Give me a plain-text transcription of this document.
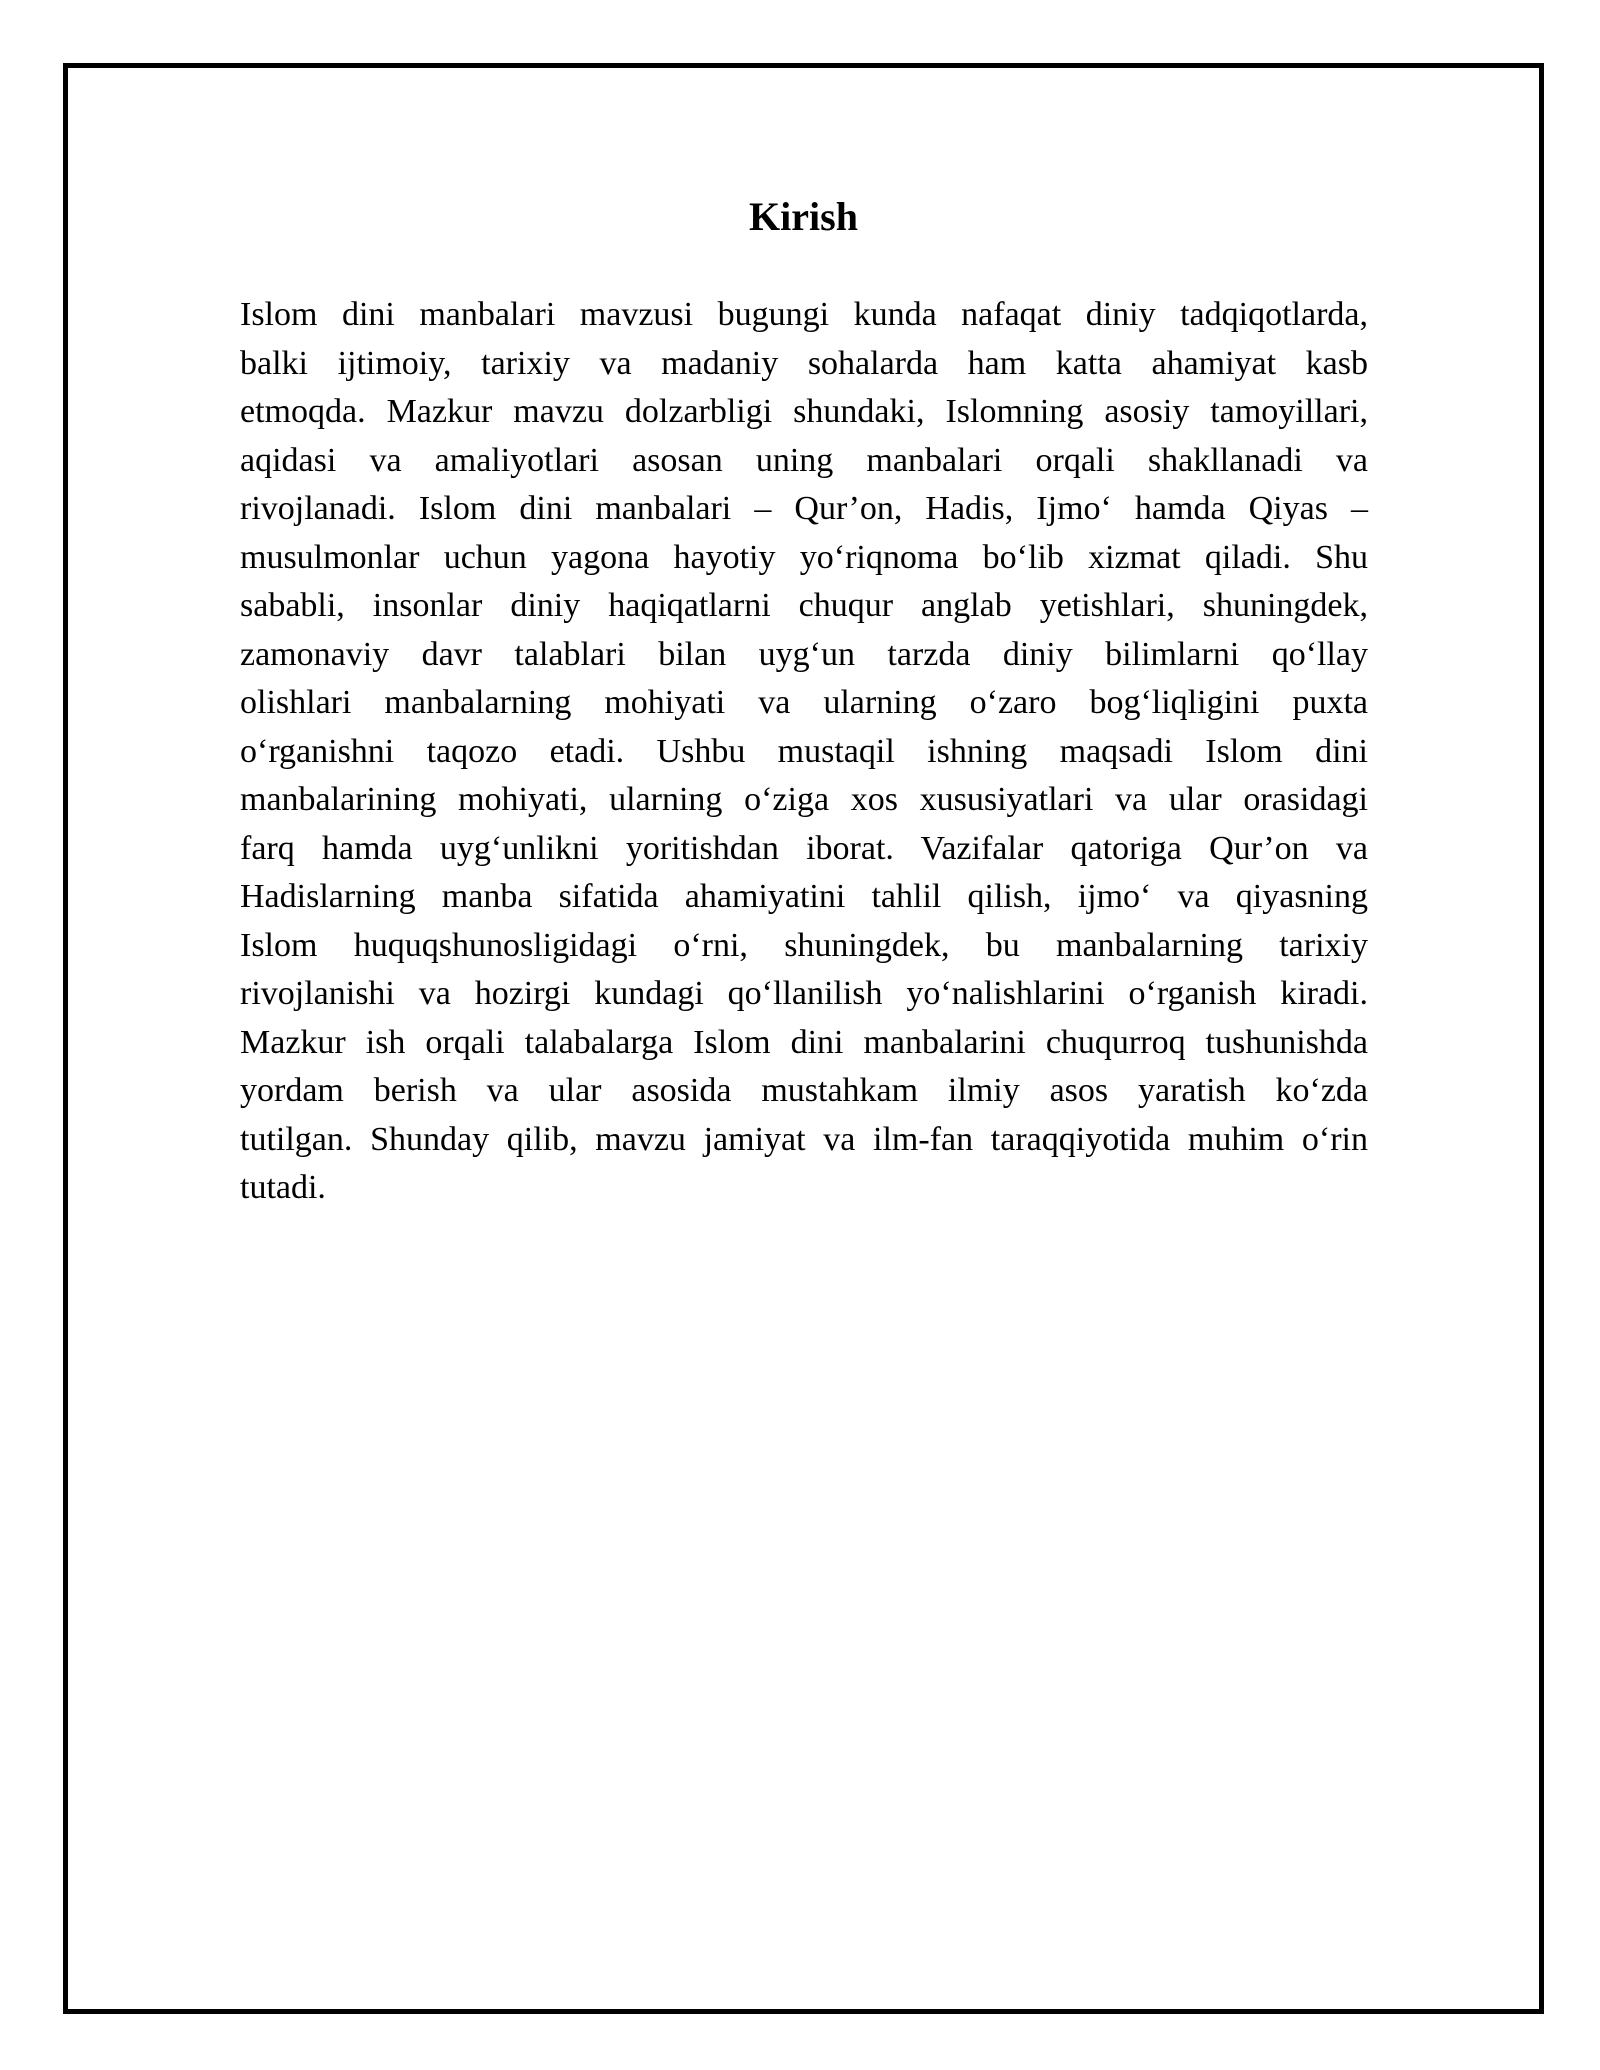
Kirish
Islom dini manbalari mavzusi bugungi kunda nafaqat diniy tadqiqotlarda,
balki ijtimoiy, tarixiy va madaniy sohalarda ham katta ahamiyat kasb
etmoqda. Mazkur mavzu dolzarbligi shundaki, Islomning asosiy tamoyillari,
aqidasi va amaliyotlari asosan uning manbalari orqali shakllanadi va
rivojlanadi. Islom dini manbalari – Qur’on, Hadis, Ijmo‘ hamda Qiyas –
musulmonlar uchun yagona hayotiy yo‘riqnoma bo‘lib xizmat qiladi. Shu
sababli, insonlar diniy haqiqatlarni chuqur anglab yetishlari, shuningdek,
zamonaviy davr talablari bilan uyg‘un tarzda diniy bilimlarni qo‘llay
olishlari manbalarning mohiyati va ularning o‘zaro bog‘liqligini puxta
o‘rganishni taqozo etadi. Ushbu mustaqil ishning maqsadi Islom dini
manbalarining mohiyati, ularning o‘ziga xos xususiyatlari va ular orasidagi
farq hamda uyg‘unlikni yoritishdan iborat. Vazifalar qatoriga Qur’on va
Hadislarning manba sifatida ahamiyatini tahlil qilish, ijmo‘ va qiyasning
Islom huquqshunosligidagi o‘rni, shuningdek, bu manbalarning tarixiy
rivojlanishi va hozirgi kundagi qo‘llanilish yo‘nalishlarini o‘rganish kiradi.
Mazkur ish orqali talabalarga Islom dini manbalarini chuqurroq tushunishda
yordam berish va ular asosida mustahkam ilmiy asos yaratish ko‘zda
tutilgan. Shunday qilib, mavzu jamiyat va ilm-fan taraqqiyotida muhim o‘rin
tutadi.
